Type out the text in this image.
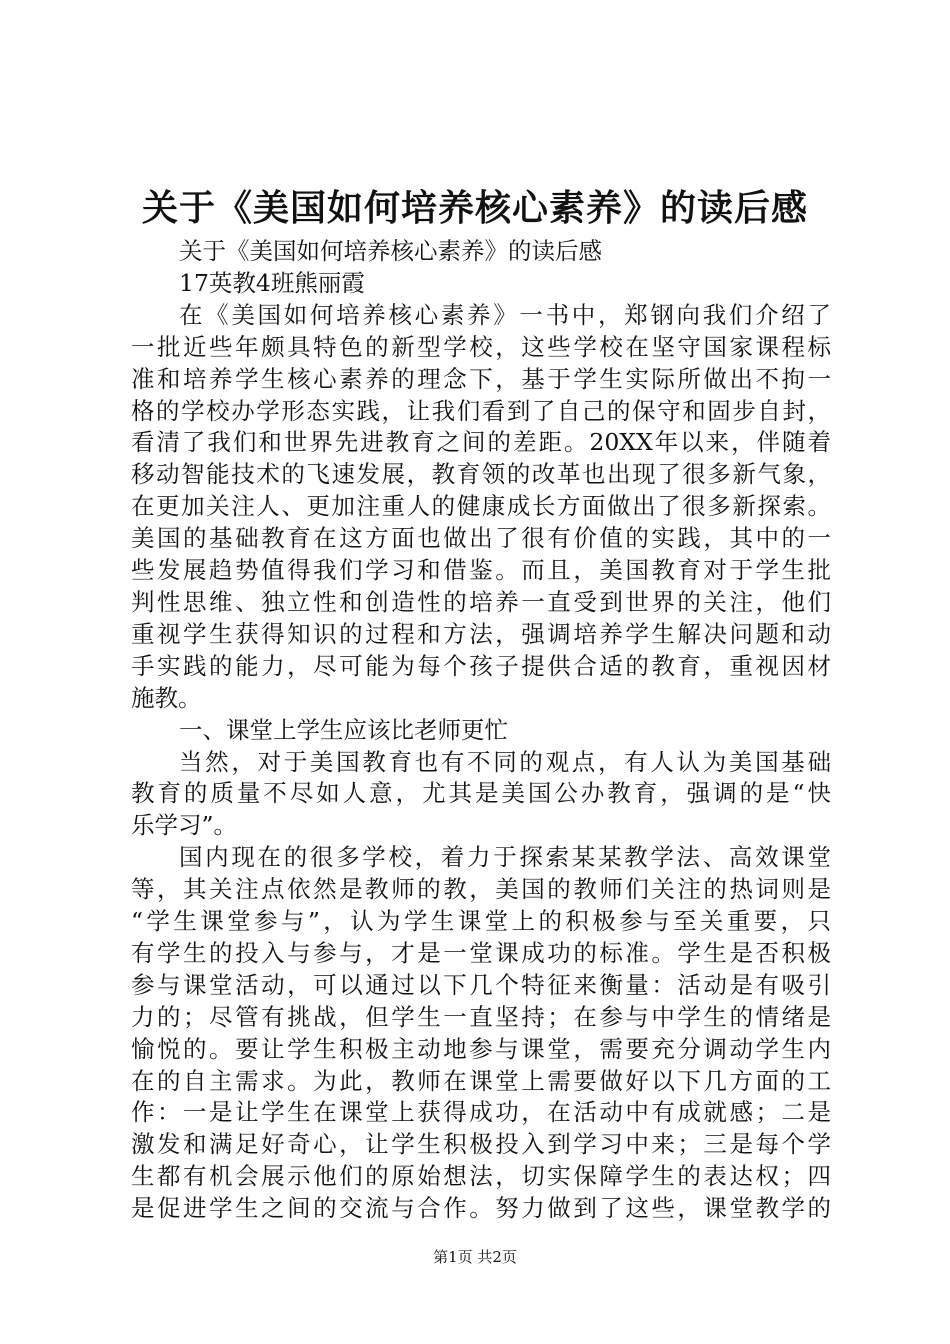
关于《美国如何培养核心素养》的读后感
关于《美国如何培养核心素养》的读后感
17英教4班熊丽霞
在《美国如何培养核心素养》一书中，郑钢向我们介绍了
一批近些年颇具特色的新型学校，这些学校在坚守国家课程标
准和培养学生核心素养的理念下，基于学生实际所做出不拘一
格的学校办学形态实践，让我们看到了自己的保守和固步自封，
看清了我们和世界先进教育之间的差距。20XX年以来，伴随着
移动智能技术的飞速发展，教育领的改革也出现了很多新气象，
在更加关注人、更加注重人的健康成长方面做出了很多新探索。
美国的基础教育在这方面也做出了很有价值的实践，其中的一
些发展趋势值得我们学习和借鉴。而且，美国教育对于学生批
判性思维、独立性和创造性的培养一直受到世界的关注，他们
重视学生获得知识的过程和方法，强调培养学生解决问题和动
手实践的能力，尽可能为每个孩子提供合适的教育，重视因材
施教。
一、课堂上学生应该比老师更忙
当然，对于美国教育也有不同的观点，有人认为美国基础
教育的质量不尽如人意，尤其是美国公办教育，强调的是“快
乐学习”。
国内现在的很多学校，着力于探索某某教学法、高效课堂
等，其关注点依然是教师的教，美国的教师们关注的热词则是
“学生课堂参与”，认为学生课堂上的积极参与至关重要，只
有学生的投入与参与，才是一堂课成功的标准。学生是否积极
参与课堂活动，可以通过以下几个特征来衡量：活动是有吸引
力的；尽管有挑战，但学生一直坚持；在参与中学生的情绪是
愉悦的。要让学生积极主动地参与课堂，需要充分调动学生内
在的自主需求。为此，教师在课堂上需要做好以下几方面的工
作：一是让学生在课堂上获得成功，在活动中有成就感；二是
激发和满足好奇心，让学生积极投入到学习中来；三是每个学
生都有机会展示他们的原始想法，切实保障学生的表达权；四
是促进学生之间的交流与合作。努力做到了这些，课堂教学的
第1页 共2页
